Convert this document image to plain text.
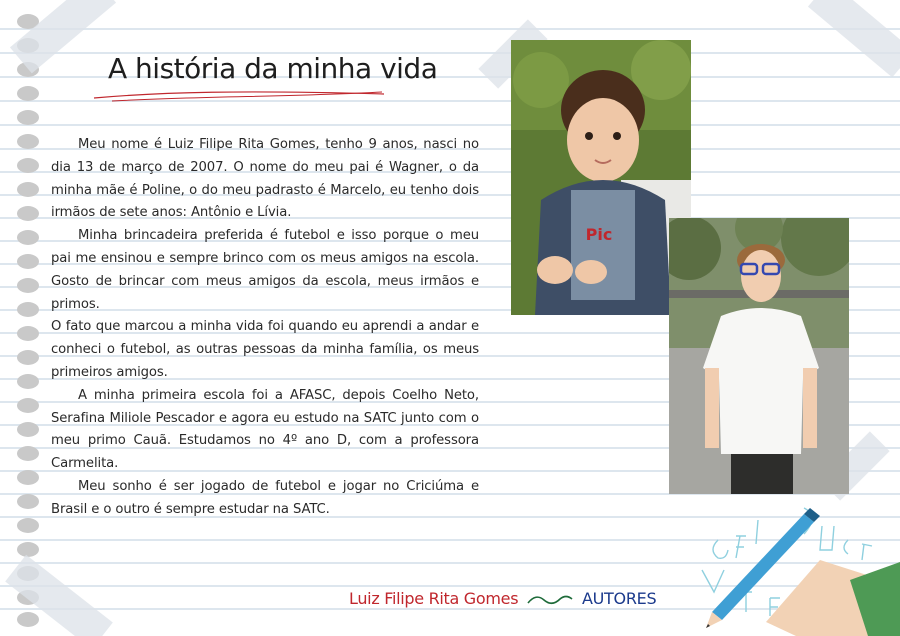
A história da minha vida

Meu nome é Luiz Filipe Rita Gomes, tenho 9 anos, nasci no dia 13 de março de 2007. O nome do meu pai é Wagner, o da minha mãe é Poline, o do meu padrasto é Marcelo, eu tenho dois irmãos de sete anos: Antônio e Lívia.

Minha brincadeira preferida é futebol e isso porque o meu pai me ensinou e sempre brinco com os meus amigos na escola. Gosto de brincar com meus amigos da escola, meus irmãos e primos.

O fato que marcou a minha vida foi quando eu aprendi a andar e conheci o futebol, as outras pessoas da minha família, os meus primeiros amigos.

A minha primeira escola foi a AFASC, depois Coelho Neto, Serafina Miliole Pescador e agora eu estudo na SATC junto com o meu primo Cauã. Estudamos no 4º ano D, com a professora Carmelita.

Meu sonho é ser jogado de futebol e jogar no Criciúma e Brasil e o outro é sempre estudar na SATC.

Pic
Luiz Filipe Rita Gomes	AUTORES
